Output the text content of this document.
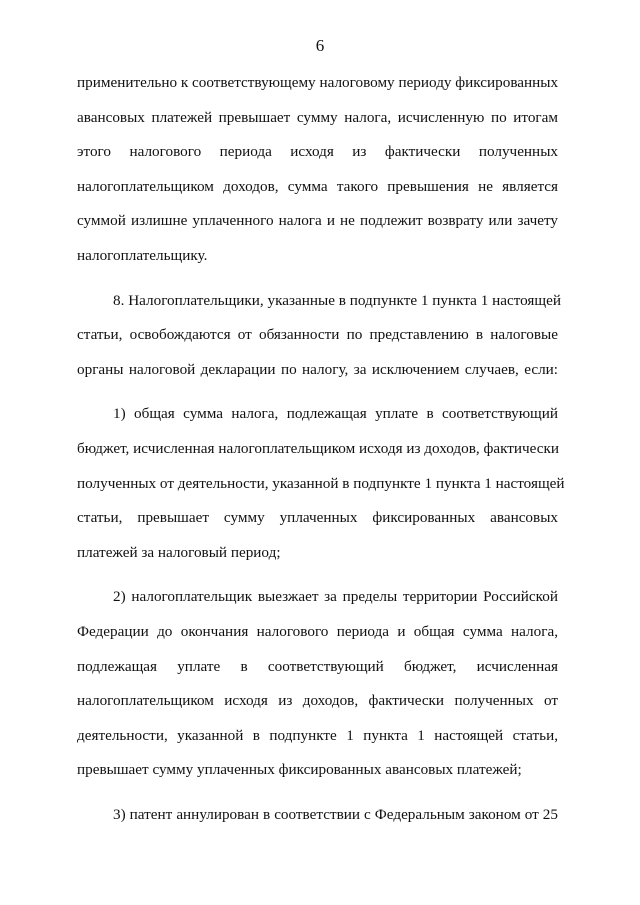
6
применительно к соответствующему налоговому периоду фиксированных
авансовых платежей превышает сумму налога, исчисленную по итогам
этого налогового периода исходя из фактически полученных
налогоплательщиком доходов, сумма такого превышения не является
суммой излишне уплаченного налога и не подлежит возврату или зачету
налогоплательщику.
8. Налогоплательщики, указанные в подпункте 1 пункта 1 настоящей
статьи, освобождаются от обязанности по представлению в налоговые
органы налоговой декларации по налогу, за исключением случаев, если:
1) общая сумма налога, подлежащая уплате в соответствующий
бюджет, исчисленная налогоплательщиком исходя из доходов, фактически
полученных от деятельности, указанной в подпункте 1 пункта 1 настоящей
статьи, превышает сумму уплаченных фиксированных авансовых
платежей за налоговый период;
2) налогоплательщик выезжает за пределы территории Российской
Федерации до окончания налогового периода и общая сумма налога,
подлежащая уплате в соответствующий бюджет, исчисленная
налогоплательщиком исходя из доходов, фактически полученных от
деятельности, указанной в подпункте 1 пункта 1 настоящей статьи,
превышает сумму уплаченных фиксированных авансовых платежей;
3) патент аннулирован в соответствии с Федеральным законом от 25
